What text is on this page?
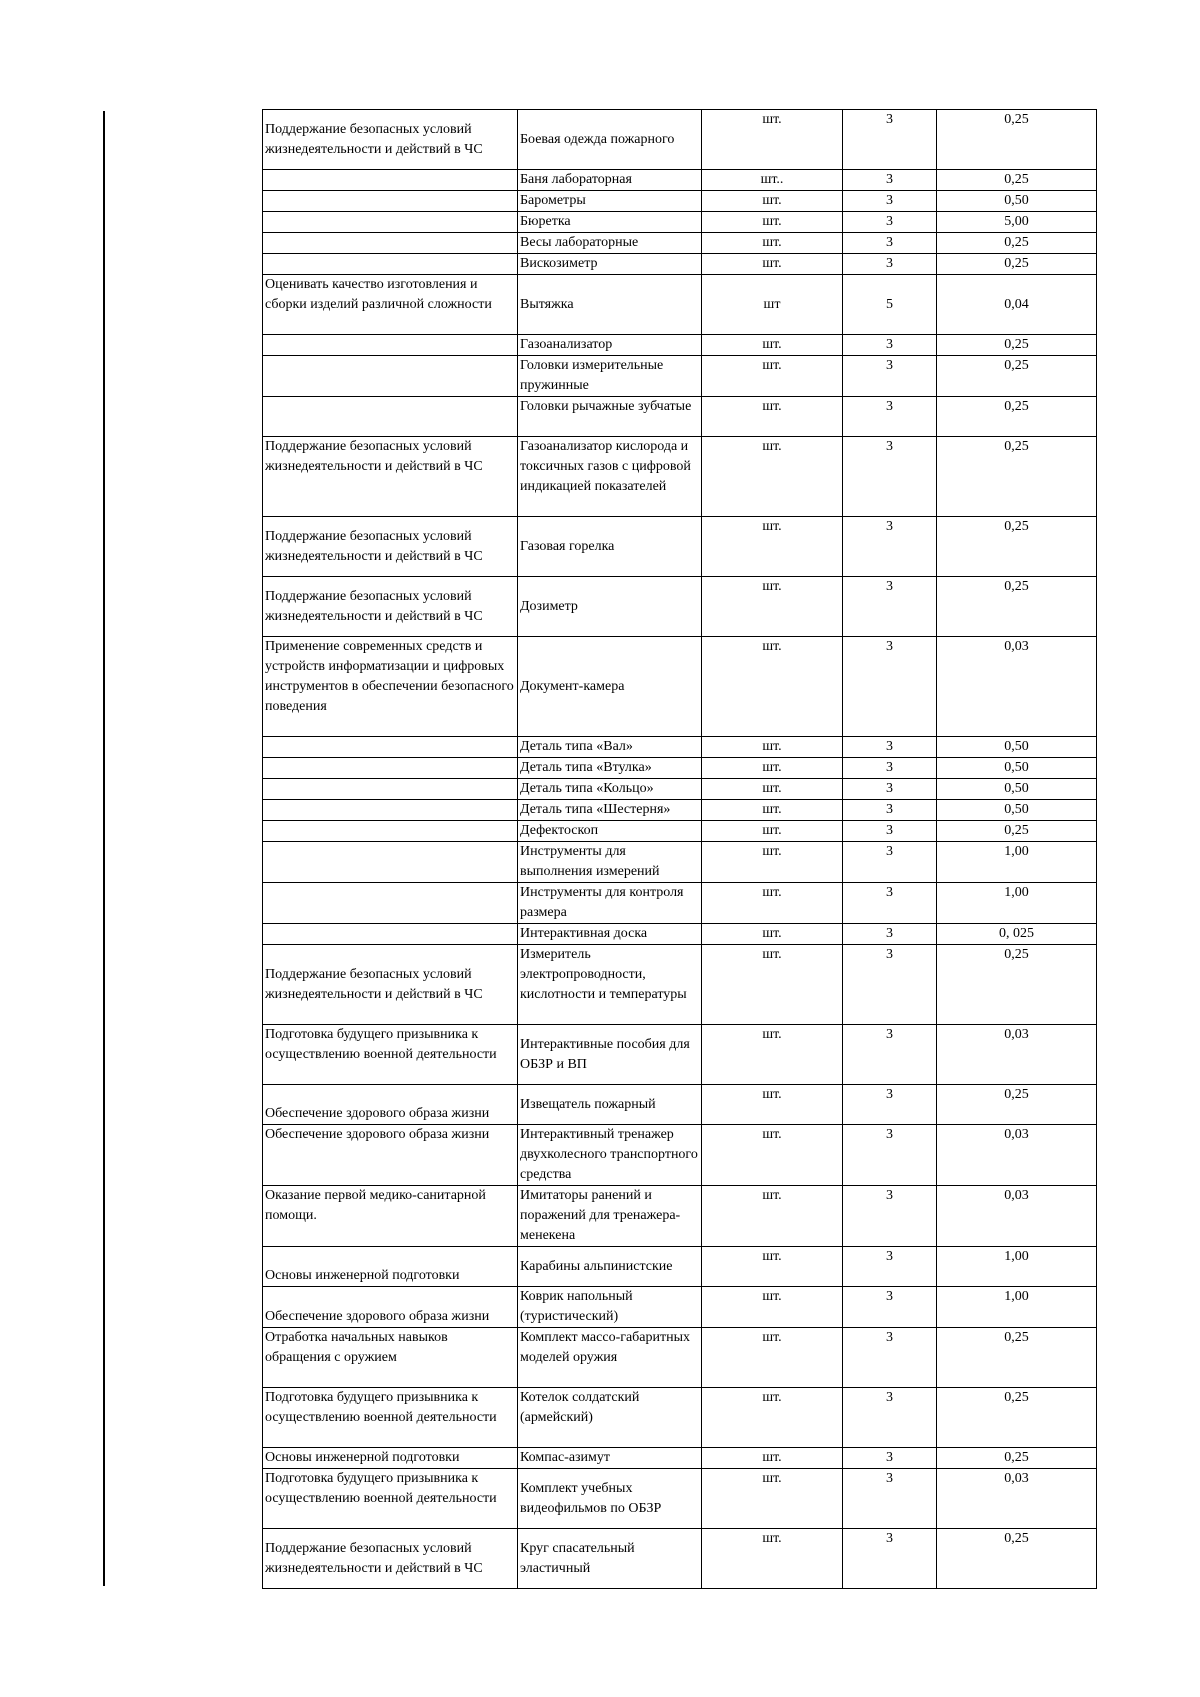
Поддержание безопасных условий жизнедеятельности и действий в ЧС	Боевая одежда пожарного	шт.	3	0,25
	Баня лабораторная	шт..	3	0,25
	Барометры	шт.	3	0,50
	Бюретка	шт.	3	5,00
	Весы лабораторные	шт.	3	0,25
	Вискозиметр	шт.	3	0,25
Оценивать качество изготовления и сборки изделий различной сложности	Вытяжка	шт	5	0,04
	Газоанализатор	шт.	3	0,25
	Головки измерительные пружинные	шт.	3	0,25
	Головки рычажные зубчатые	шт.	3	0,25
Поддержание безопасных условий жизнедеятельности и действий в ЧС	Газоанализатор кислорода и токсичных газов с цифровой индикацией показателей	шт.	3	0,25
Поддержание безопасных условий жизнедеятельности и действий в ЧС	Газовая горелка	шт.	3	0,25
Поддержание безопасных условий жизнедеятельности и действий в ЧС	Дозиметр	шт.	3	0,25
Применение современных средств и устройств информатизации и цифровых инструментов в обеспечении безопасного поведения	Документ-камера	шт.	3	0,03
	Деталь типа «Вал»	шт.	3	0,50
	Деталь типа «Втулка»	шт.	3	0,50
	Деталь типа «Кольцо»	шт.	3	0,50
	Деталь типа «Шестерня»	шт.	3	0,50
	Дефектоскоп	шт.	3	0,25
	Инструменты для выполнения измерений	шт.	3	1,00
	Инструменты для контроля размера	шт.	3	1,00
	Интерактивная доска	шт.	3	0, 025
Поддержание безопасных условий жизнедеятельности и действий в ЧС	Измеритель электропроводности, кислотности и температуры	шт.	3	0,25
Подготовка будущего призывника к осуществлению военной деятельности	Интерактивные пособия для ОБЗР и ВП	шт.	3	0,03
Обеспечение здорового образа жизни	Извещатель пожарный	шт.	3	0,25
Обеспечение здорового образа жизни	Интерактивный тренажер двухколесного транспортного средства	шт.	3	0,03
Оказание первой медико-санитарной помощи.	Имитаторы ранений и поражений для тренажера-менекена	шт.	3	0,03
Основы инженерной подготовки	Карабины альпинистские	шт.	3	1,00
Обеспечение здорового образа жизни	Коврик напольный (туристический)	шт.	3	1,00
Отработка начальных навыков обращения с оружием	Комплект массо-габаритных моделей оружия	шт.	3	0,25
Подготовка будущего призывника к осуществлению военной деятельности	Котелок солдатский (армейский)	шт.	3	0,25
Основы инженерной подготовки	Компас-азимут	шт.	3	0,25
Подготовка будущего призывника к осуществлению военной деятельности	Комплект учебных видеофильмов по ОБЗР	шт.	3	0,03
Поддержание безопасных условий жизнедеятельности и действий в ЧС	Круг спасательный эластичный	шт.	3	0,25
